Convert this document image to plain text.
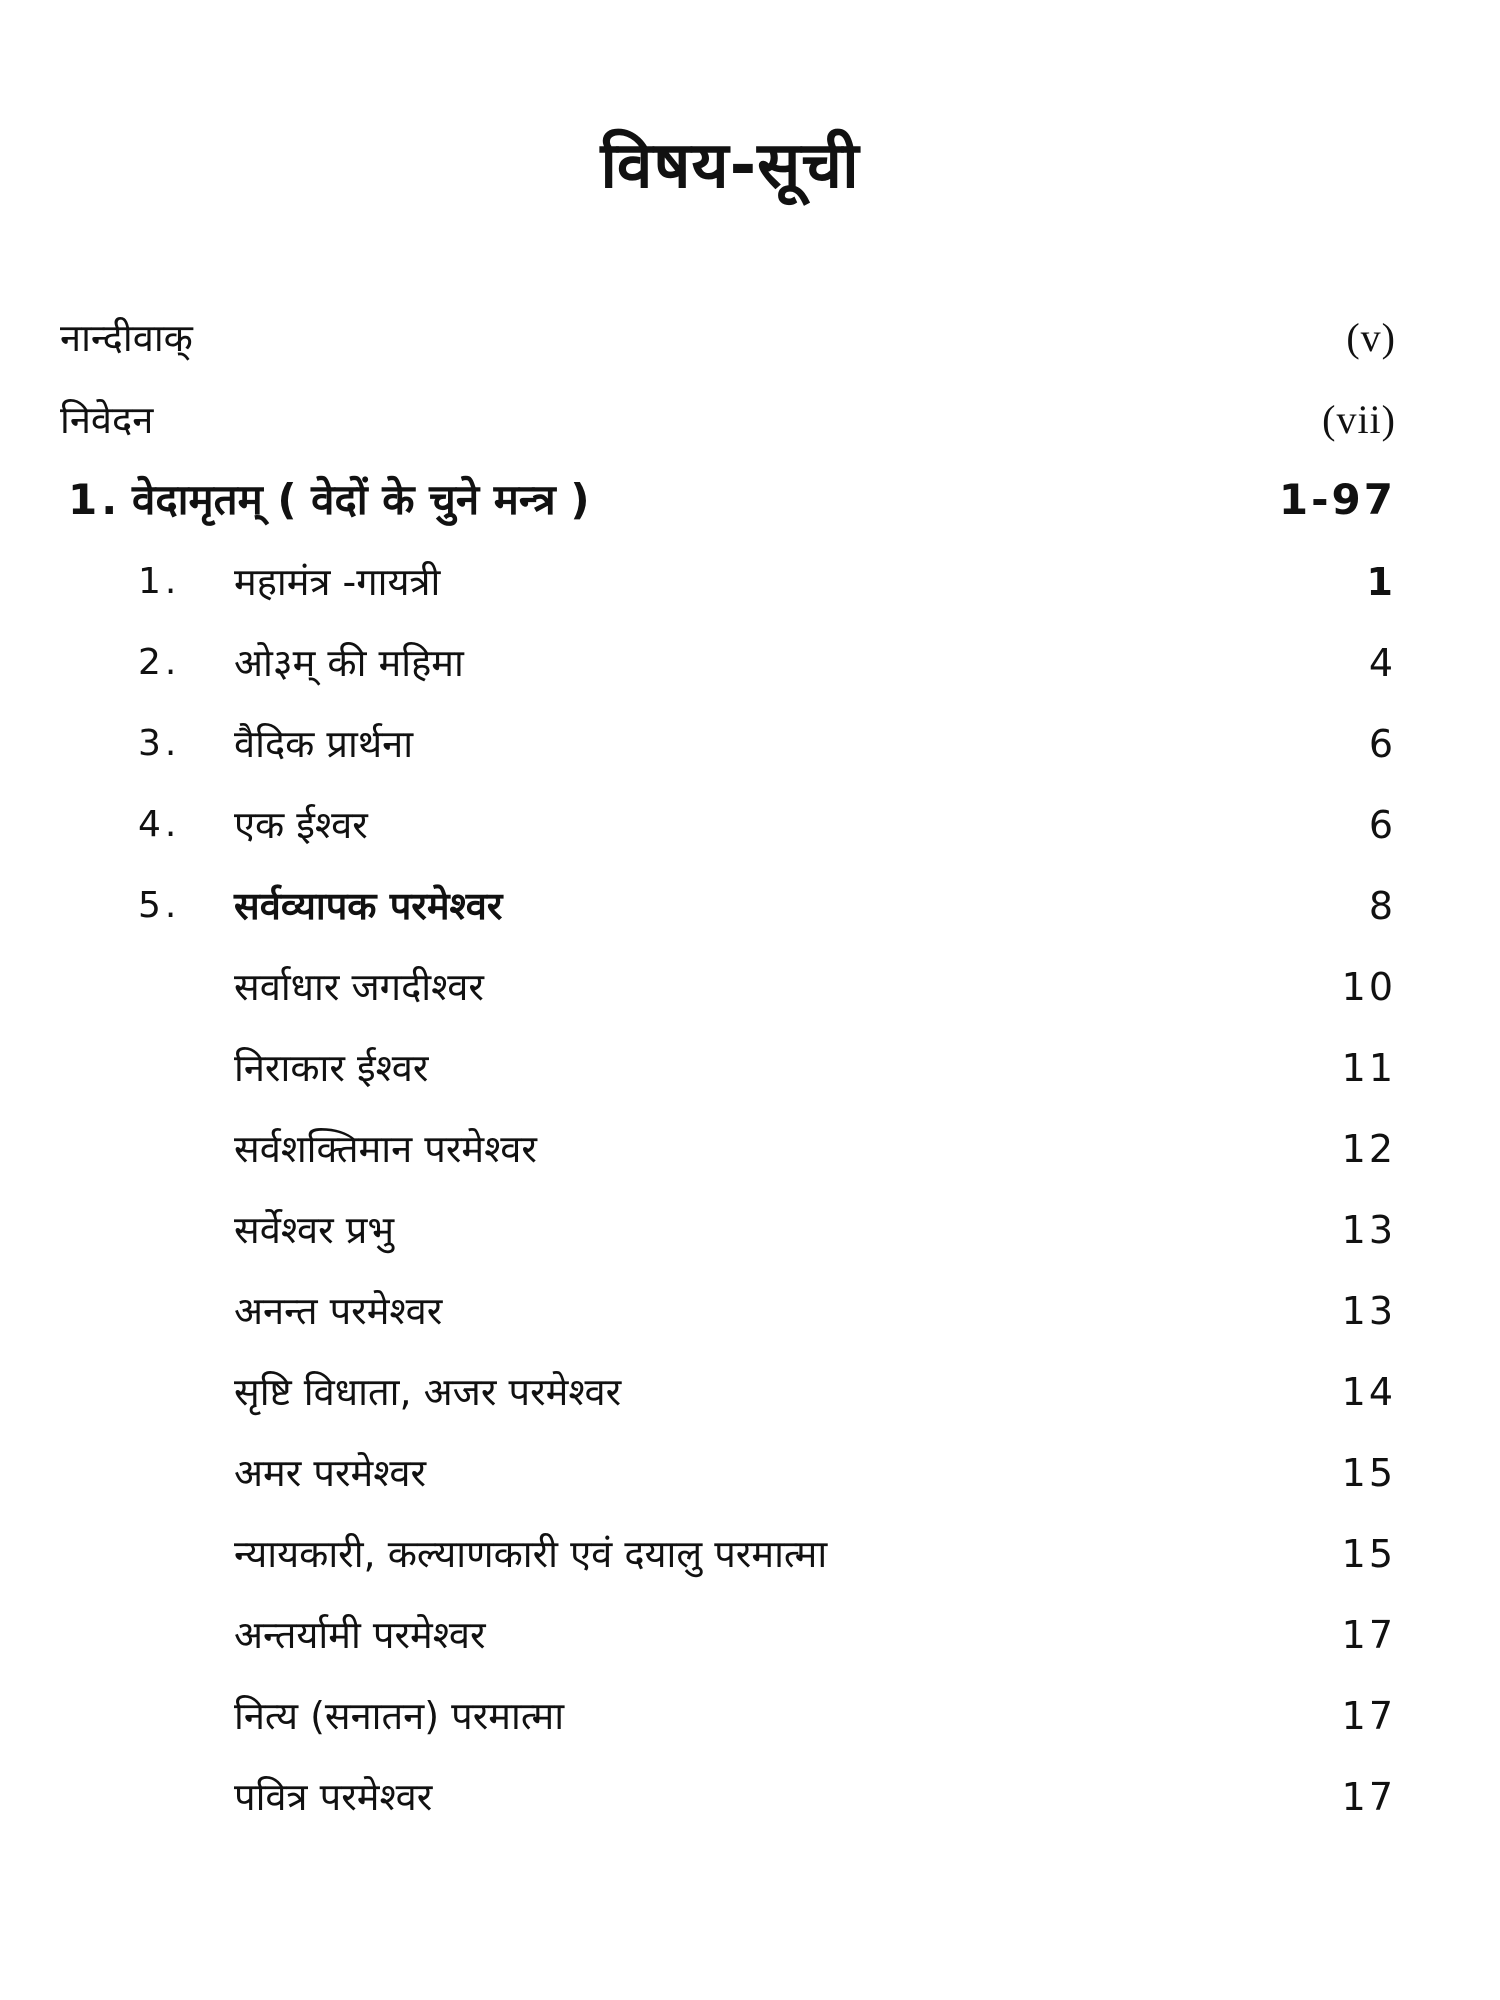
विषय-सूची
नान्दीवाक्	(v)
निवेदन	(vii)
1. वेदामृतम् ( वेदों के चुने मन्त्र )	1-97
1. महामंत्र -गायत्री	1
2. ओ३म् की महिमा	4
3. वैदिक प्रार्थना	6
4. एक ईश्वर	6
5. सर्वव्यापक परमेश्वर	8
सर्वाधार जगदीश्वर	10
निराकार ईश्वर	11
सर्वशक्तिमान परमेश्वर	12
सर्वेश्वर प्रभु	13
अनन्त परमेश्वर	13
सृष्टि विधाता, अजर परमेश्वर	14
अमर परमेश्वर	15
न्यायकारी, कल्याणकारी एवं दयालु परमात्मा	15
अन्तर्यामी परमेश्वर	17
नित्य (सनातन) परमात्मा	17
पवित्र परमेश्वर	17
